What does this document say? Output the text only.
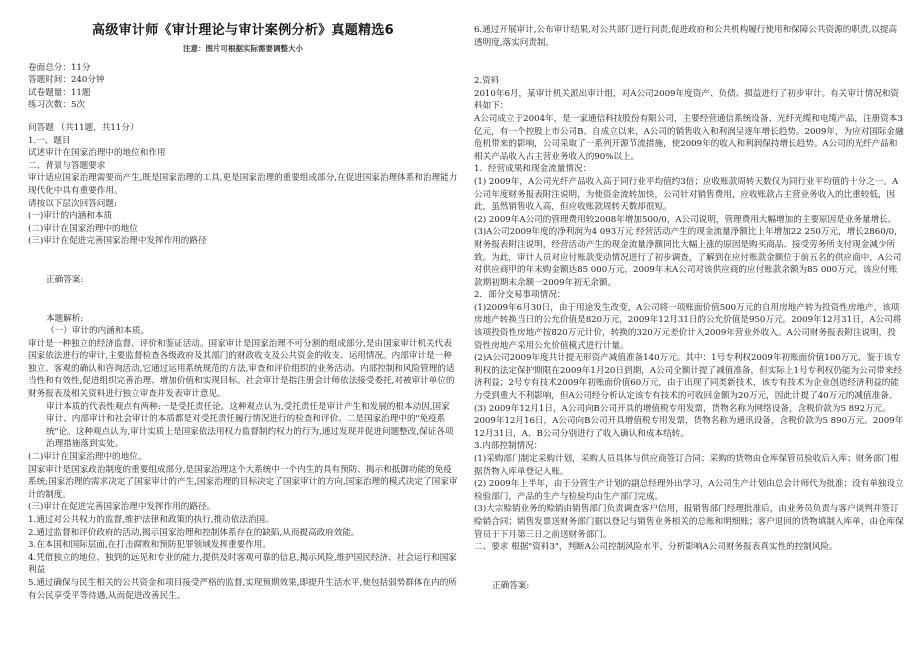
高级审计师《审计理论与审计案例分析》真题精选6
注意：图片可根据实际需要调整大小
卷面总分：11分
答题时间：240分钟
试卷题量：11题
练习次数：5次
问答题 （共11题，共11分）
1.一、题目
试述审计在国家治理中的地位和作用
二、背景与答题要求
审计适应国家治理需要而产生,既是国家治理的工具,更是国家治理的重要组成部分,在促进国家治理体系和治理能力现代化中具有重要作用。
请按以下层次回答问题:
(一)审计的内涵和本质
(二)审计在国家治理中的地位
(三)审计在促进完善国家治理中发挥作用的路径
正确答案:
本题解析:
（一）审计的内涵和本质。
审计是一种独立的经济监督、评价和鉴证活动。国家审计是国家治理不可分割的组成部分,是由国家审计机关代表国家依法进行的审计,主要监督检查各级政府及其部门的财政收支及公共资金的收支、运用情况。内部审计是一种独立、客观的确认和咨询活动,它通过运用系统规范的方法,审查和评价组织的业务活动、内部控制和风险管理的适当性和有效性,促进组织完善治理、增加价值和实现目标。社会审计是指注册会计师依法接受委托,对被审计单位的财务报表及相关资料进行独立审查并发表审计意见。
审计本质的代表性观点有两种:一是受托责任论。这种观点认为,受托责任是审计产生和发展的根本动因,国家审计、内部审计和社会审计的本质都是对受托责任履行情况进行的检查和评价。二是国家治理中的"免疫系统"论。这种观点认为,审计实质上是国家依法用权力监督制约权力的行为,通过发现并促进问题整改,保证各项治理措施落到实处。
(二)审计在国家治理中的地位。
国家审计是国家政治制度的重要组成部分,是国家治理这个大系统中一个内生的具有预防、揭示和抵御功能的免疫系统;国家治理的需求决定了国家审计的产生,国家治理的目标决定了国家审计的方向,国家治理的模式决定了国家审计的制度。
(三)审计在促进完善国家治理中发挥作用的路径。
1.通过对公共权力的监督,维护法律和政策的执行,推动依法治国。
2.通过监督和评价政府的活动,揭示国家治理和控制体系存在的缺陷,从而提高政府效能。
3.在本国和国际层面,在打击腐败和预防犯罪领域发挥重要作用。
4.凭借独立的地位、独到的远见和专业的能力,提供及时客观可靠的信息,揭示风险,维护国民经济、社会运行和国家利益
5.通过确保与民生相关的公共资金和项目接受严格的监督,实现预期效果,即提升生活水平,使包括弱势群体在内的所有公民享受平等待遇,从而促进改善民生。
6.通过开展审计,公布审计结果,对公共部门进行问责,促进政府和公共机构履行使用和保障公共资源的职责,以提高透明度,落实问责制。
2.资料
2010年6月，某审计机关派出审计组，对A公司2009年度资产、负债、损益进行了初步审计。有关审计情况和资料如下：
A公司成立于2004年，是一家通信科技股份有限公司，主要经营通信系统设备、光纤光缆和电缆产品，注册资本3亿元，有一个控股上市公司B。自成立以来，A公司的销售收入和利润呈逐年增长趋势。2009年，为应对国际金融危机带来的影响，公司采取了一系列开源节流措施，使2009年的收入和利润保持增长趋势。A公司的光纤产品和相关产品收入占主营业务收入的90%以上。
1．经营成果和现金流量情况：
(1) 2009年，A公司光纤产品收入高于同行业平均值约3倍；应收账款周转天数仅为同行业平均值的十分之一。A公司年度财务报表附注说明，为使资金流转加快，公司针对销售费用，应收账款占主营业务收入的比重较低，因此，虽然销售收入高，但应收账款周转天数却很短。
(2) 2009年A公司的管理费用较2008年增加500/0，A公司说明，管理费用大幅增加的主要原因是业务量增长。(3)A公司2009年度的净利润为4 093万元 经营活动产生的现金流量净额比上年增加22 250万元，增长2860/0，财务报表附注说明，经营活动产生的现金流量净额同比大幅上涨的原因是购买商品、接受劳务所支付现金减少所致。为此，审计人员对应付账款变动情况进行了初步调查，了解到在应付账款金额位于前五名的供应商中，A公司对供应商甲的年末购金额达85 000万元，2009年末A公司对该供应商的应付账款余额为85 000万元，该应付账款期初期末余额一2009年初无余额。
2．部分交易事项情况：
(1)2009年6月30日，由于用途发生改变，A公司将一项账面价值500万元的自用房地产转为投资性房地产，该项房地产转换当日的公允价值是820万元，2009年12月31日的公允价值是950万元。2009年12月31日，A公司将该项投资性房地产按820万元计价，转换的320万元差价计入2009年营业外收入。A公司财务报表附注说明，投资性房地产采用公允价值模式进行计量。
(2)A公司2009年度共计提无形资产减值准备140万元。其中：1号专利权2009年初账面价值100万元，鉴于该专利权的法定保护期限在2009年1月20日到期，A公司全额计提了减值准备，但实际上1号专利权仍能为公司带来经济利益；2号专有技术2009年初账面价值60万元，由于出现了同类新技术，该专有技术为企业创造经济利益的能力受到重大不利影响，但A公司经分析认定该专有技术的可收回金额为20万元，因此计提了40万元的减值准备。
(3) 2009年12月1日，A公司向B公司开具的增值税专用发票，货物名称为网络设备，含税价款为5 892万元。2009年12月16日，A公司向B公司开具增值税专用发票，货物名称为通讯设备，含税价款为5 890万元。2009年12月31日，A、B公司分别进行了收入确认和成本结转。
3.内部控制情况：
(1)采购部门制定采购计划，采购人员具体与供应商签订合同；采购的货物由仓库保管员验收后入库；财务部门根据货物入库单登记入账。
(2) 2009年上半年，由于分管生产计划的副总经理外出学习，A公司生产计划由总会计师代为批准；设有单独设立检验部门，产品的生产与检验均由生产部门完成。
(3)大宗赊销业务的赊销由销售部门负责调查客户信用，报销售部门经理批准后，由业务员负责与客户谈判并签订赊销合同；销售发票送财务部门据以登记与销售业务相关的总账和明细账；客户退回的货物填制入库单，由仓库保管员于下月第三日之前送财务部门。
二、要求 根据"资料3"，判断A公司控制风险水平，分析影响A公司财务报表真实性的控制风险。
正确答案:
